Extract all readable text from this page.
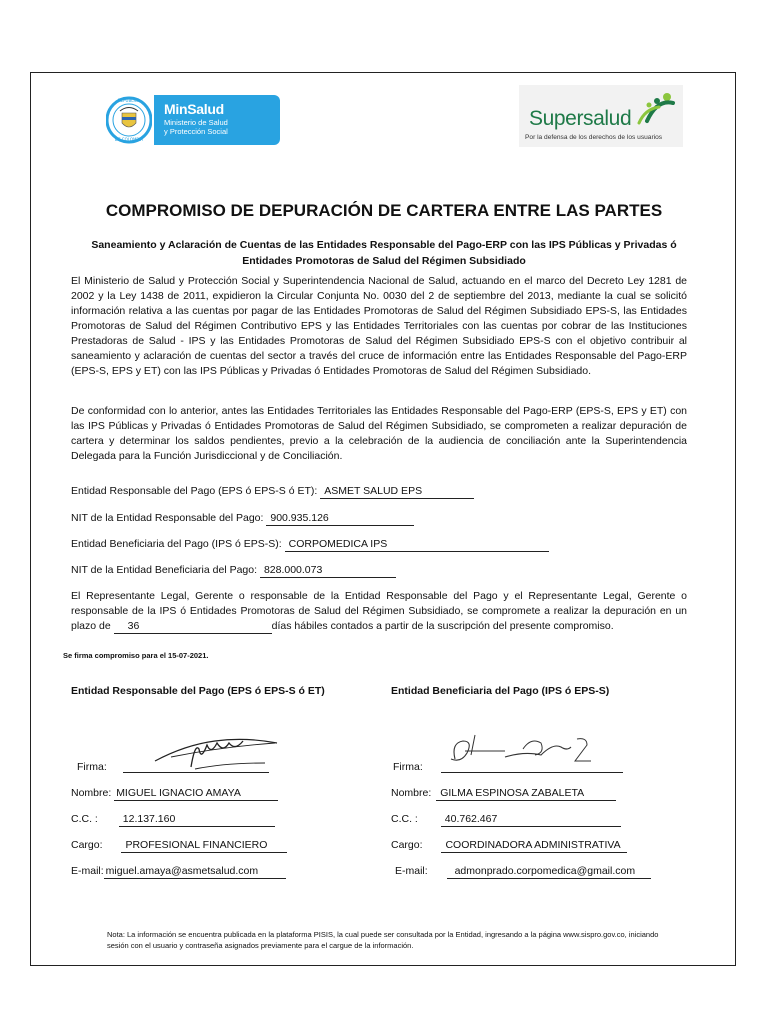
REPÚBLICA
DE COLOMBIA
MinSalud
Ministerio de Salud
y Protección Social
Supersalud
Por la defensa de los derechos de los usuarios
COMPROMISO DE DEPURACIÓN DE CARTERA ENTRE LAS PARTES
Saneamiento y Aclaración de Cuentas de las Entidades Responsable del Pago-ERP con las IPS Públicas y Privadas ó Entidades Promotoras de Salud del Régimen Subsidiado
El Ministerio de Salud y Protección Social y Superintendencia Nacional de Salud, actuando en el marco del Decreto Ley 1281 de 2002 y la Ley 1438 de 2011, expidieron la Circular Conjunta No. 0030 del 2 de septiembre del 2013, mediante la cual se solicitó información relativa a las cuentas por pagar de las Entidades Promotoras de Salud del Régimen Subsidiado EPS-S, las Entidades Promotoras de Salud del Régimen Contributivo EPS y las Entidades Territoriales con las cuentas por cobrar de las Instituciones Prestadoras de Salud - IPS y las Entidades Promotoras de Salud del Régimen Subsidiado EPS-S con el objetivo contribuir al saneamiento y aclaración de cuentas del sector a través del cruce de información entre las Entidades Responsable del Pago-ERP (EPS-S, EPS y ET) con las IPS Públicas y Privadas ó Entidades Promotoras de Salud del Régimen Subsidiado.
De conformidad con lo anterior, antes las Entidades Territoriales las Entidades Responsable del Pago-ERP (EPS-S, EPS y ET) con las IPS Públicas y Privadas ó Entidades Promotoras de Salud del Régimen Subsidiado, se comprometen a realizar depuración de cartera y determinar los saldos pendientes, previo a la celebración de la audiencia de conciliación ante la Superintendencia Delegada para la Función Jurisdiccional y de Conciliación.
Entidad Responsable del Pago (EPS ó EPS-S ó ET): ASMET SALUD EPS
NIT de la Entidad Responsable del Pago: 900.935.126
Entidad Beneficiaria del Pago (IPS ó EPS-S): CORPOMEDICA IPS
NIT de la Entidad Beneficiaria del Pago: 828.000.073
El Representante Legal, Gerente o responsable de la Entidad Responsable del Pago y el Representante Legal, Gerente o responsable de la IPS ó Entidades Promotoras de Salud del Régimen Subsidiado, se compromete a realizar la depuración en un plazo de 36	días hábiles contados a partir de la suscripción del presente compromiso.
Se firma compromiso para el 15-07-2021.
Entidad Responsable del Pago (EPS ó EPS-S ó ET)
Firma:
Nombre: MIGUEL IGNACIO AMAYA
C.C. : 12.137.160
Cargo: PROFESIONAL FINANCIERO
E-mail: miguel.amaya@asmetsalud.com
Entidad Beneficiaria del Pago (IPS ó EPS-S)
Firma:
Nombre: GILMA ESPINOSA ZABALETA
C.C. :	40.762.467
Cargo: COORDINADORA ADMINISTRATIVA
E-mail:	admonprado.corpomedica@gmail.com
Nota: La información se encuentra publicada en la plataforma PISIS, la cual puede ser consultada por la Entidad, ingresando a la página www.sispro.gov.co, iniciando sesión con el usuario y contraseña asignados previamente para el cargue de la información.
